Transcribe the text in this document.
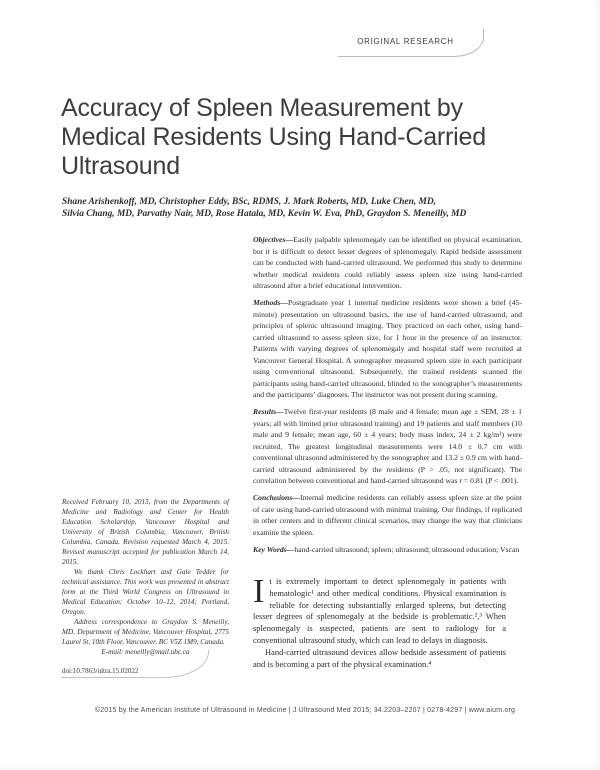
ORIGINAL RESEARCH
Accuracy of Spleen Measurement by
Medical Residents Using Hand-Carried
Ultrasound
Shane Arishenkoff, MD, Christopher Eddy, BSc, RDMS, J. Mark Roberts, MD, Luke Chen, MD,
Silvia Chang, MD, Parvathy Nair, MD, Rose Hatala, MD, Kevin W. Eva, PhD, Graydon S. Meneilly, MD

Objectives—Easily palpable splenomegaly can be identified on physical examination, but it is difficult to detect lesser degrees of splenomegaly. Rapid bedside assessment can be conducted with hand-carried ultrasound. We performed this study to determine whether medical residents could reliably assess spleen size using hand-carried ultrasound after a brief educational intervention.

Methods—Postgraduate year 1 internal medicine residents were shown a brief (45-minute) presentation on ultrasound basics, the use of hand-carried ultrasound, and principles of splenic ultrasound imaging. They practiced on each other, using hand-carried ultrasound to assess spleen size, for 1 hour in the presence of an instructor. Patients with varying degrees of splenomegaly and hospital staff were recruited at Vancouver General Hospital. A sonographer measured spleen size in each participant using conventional ultrasound. Subsequently, the trained residents scanned the participants using hand-carried ultrasound, blinded to the sonographer’s measurements and the participants’ diagnoses. The instructor was not present during scanning.

Results—Twelve first-year residents (8 male and 4 female; mean age ± SEM, 28 ± 1 years; all with limited prior ultrasound training) and 19 patients and staff members (10 male and 9 female; mean age, 60 ± 4 years; body mass index, 24 ± 2 kg/m²) were recruited. The greatest longitudinal measurements were 14.0 ± 0.7 cm with conventional ultrasound administered by the sonographer and 13.2 ± 0.9 cm with hand-carried ultrasound administered by the residents (P > .05, not significant). The correlation between conventional and hand-carried ultrasound was r = 0.81 (P < .001).

Conclusions—Internal medicine residents can reliably assess spleen size at the point of care using hand-carried ultrasound with minimal training. Our findings, if replicated in other centers and in different clinical scenarios, may change the way that clinicians examine the spleen.

Key Words—hand-carried ultrasound; spleen; ultrasound; ultrasound education; Vscan

Received February 10, 2015, from the Departments of Medicine and Radiology and Center for Health Education Scholarship, Vancouver Hospital and University of British Columbia, Vancouver, British Columbia, Canada. Revision requested March 4, 2015. Revised manuscript accepted for publication March 14, 2015.

We thank Chris Lockhart and Gale Tedder for technical assistance. This work was presented in abstract form at the Third World Congress on Ultrasound in Medical Education; October 10–12, 2014; Portland, Oregon.

Address correspondence to Graydon S. Meneilly, MD, Department of Medicine, Vancouver Hospital, 2775 Laurel St, 10th Floor, Vancouver, BC V5Z 1M9, Canada.

E-mail: meneilly@mail.ubc.ca

doi:10.7863/ultra.15.02022

It is extremely important to detect splenomegaly in patients with hematologic¹ and other medical conditions. Physical examination is reliable for detecting substantially enlarged spleens, but detecting lesser degrees of splenomegaly at the bedside is problematic.²,³ When splenomegaly is suspected, patients are sent to radiology for a conventional ultrasound study, which can lead to delays in diagnosis.

Hand-carried ultrasound devices allow bedside assessment of patients and is becoming a part of the physical examination.⁴

©2015 by the American Institute of Ultrasound in Medicine | J Ultrasound Med 2015; 34:2203–2207 | 0278-4297 | www.aium.org
